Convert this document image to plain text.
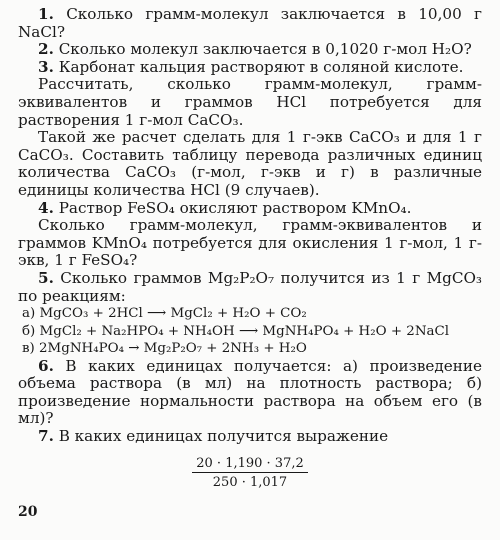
1. Сколько грамм-молекул заключается в 10,00 г NaCl?

2. Сколько молекул заключается в 0,1020 г-мол H₂O?

3. Карбонат кальция растворяют в соляной кислоте.

Рассчитать, сколько грамм-молекул, грамм-эквивалентов и граммов HCl потребуется для растворения 1 г-мол CaCO₃.

Такой же расчет сделать для 1 г-экв CaCO₃ и для 1 г CaCO₃. Составить таблицу перевода различных единиц количества CaCO₃ (г-мол, г-экв и г) в различные единицы количества HCl (9 случаев).

4. Раствор FeSO₄ окисляют раствором KMnO₄.

Сколько грамм-молекул, грамм-эквивалентов и граммов KMnO₄ потребуется для окисления 1 г-мол, 1 г-экв, 1 г FeSO₄?

5. Сколько граммов Mg₂P₂O₇ получится из 1 г MgCO₃ по реакциям:

а) MgCO₃ + 2HCl ⟶ MgCl₂ + H₂O + CO₂

б) MgCl₂ + Na₂HPO₄ + NH₄OH ⟶ MgNH₄PO₄ + H₂O + 2NaCl

в) 2MgNH₄PO₄ → Mg₂P₂O₇ + 2NH₃ + H₂O

6. В каких единицах получается: а) произведение объема раствора (в мл) на плотность раствора; б) произведение нормальности раствора на объем его (в мл)?

7. В каких единицах получится выражение

$\frac{20 \cdot 1,190 \cdot 37,2}{250 \cdot 1,017}$
20
